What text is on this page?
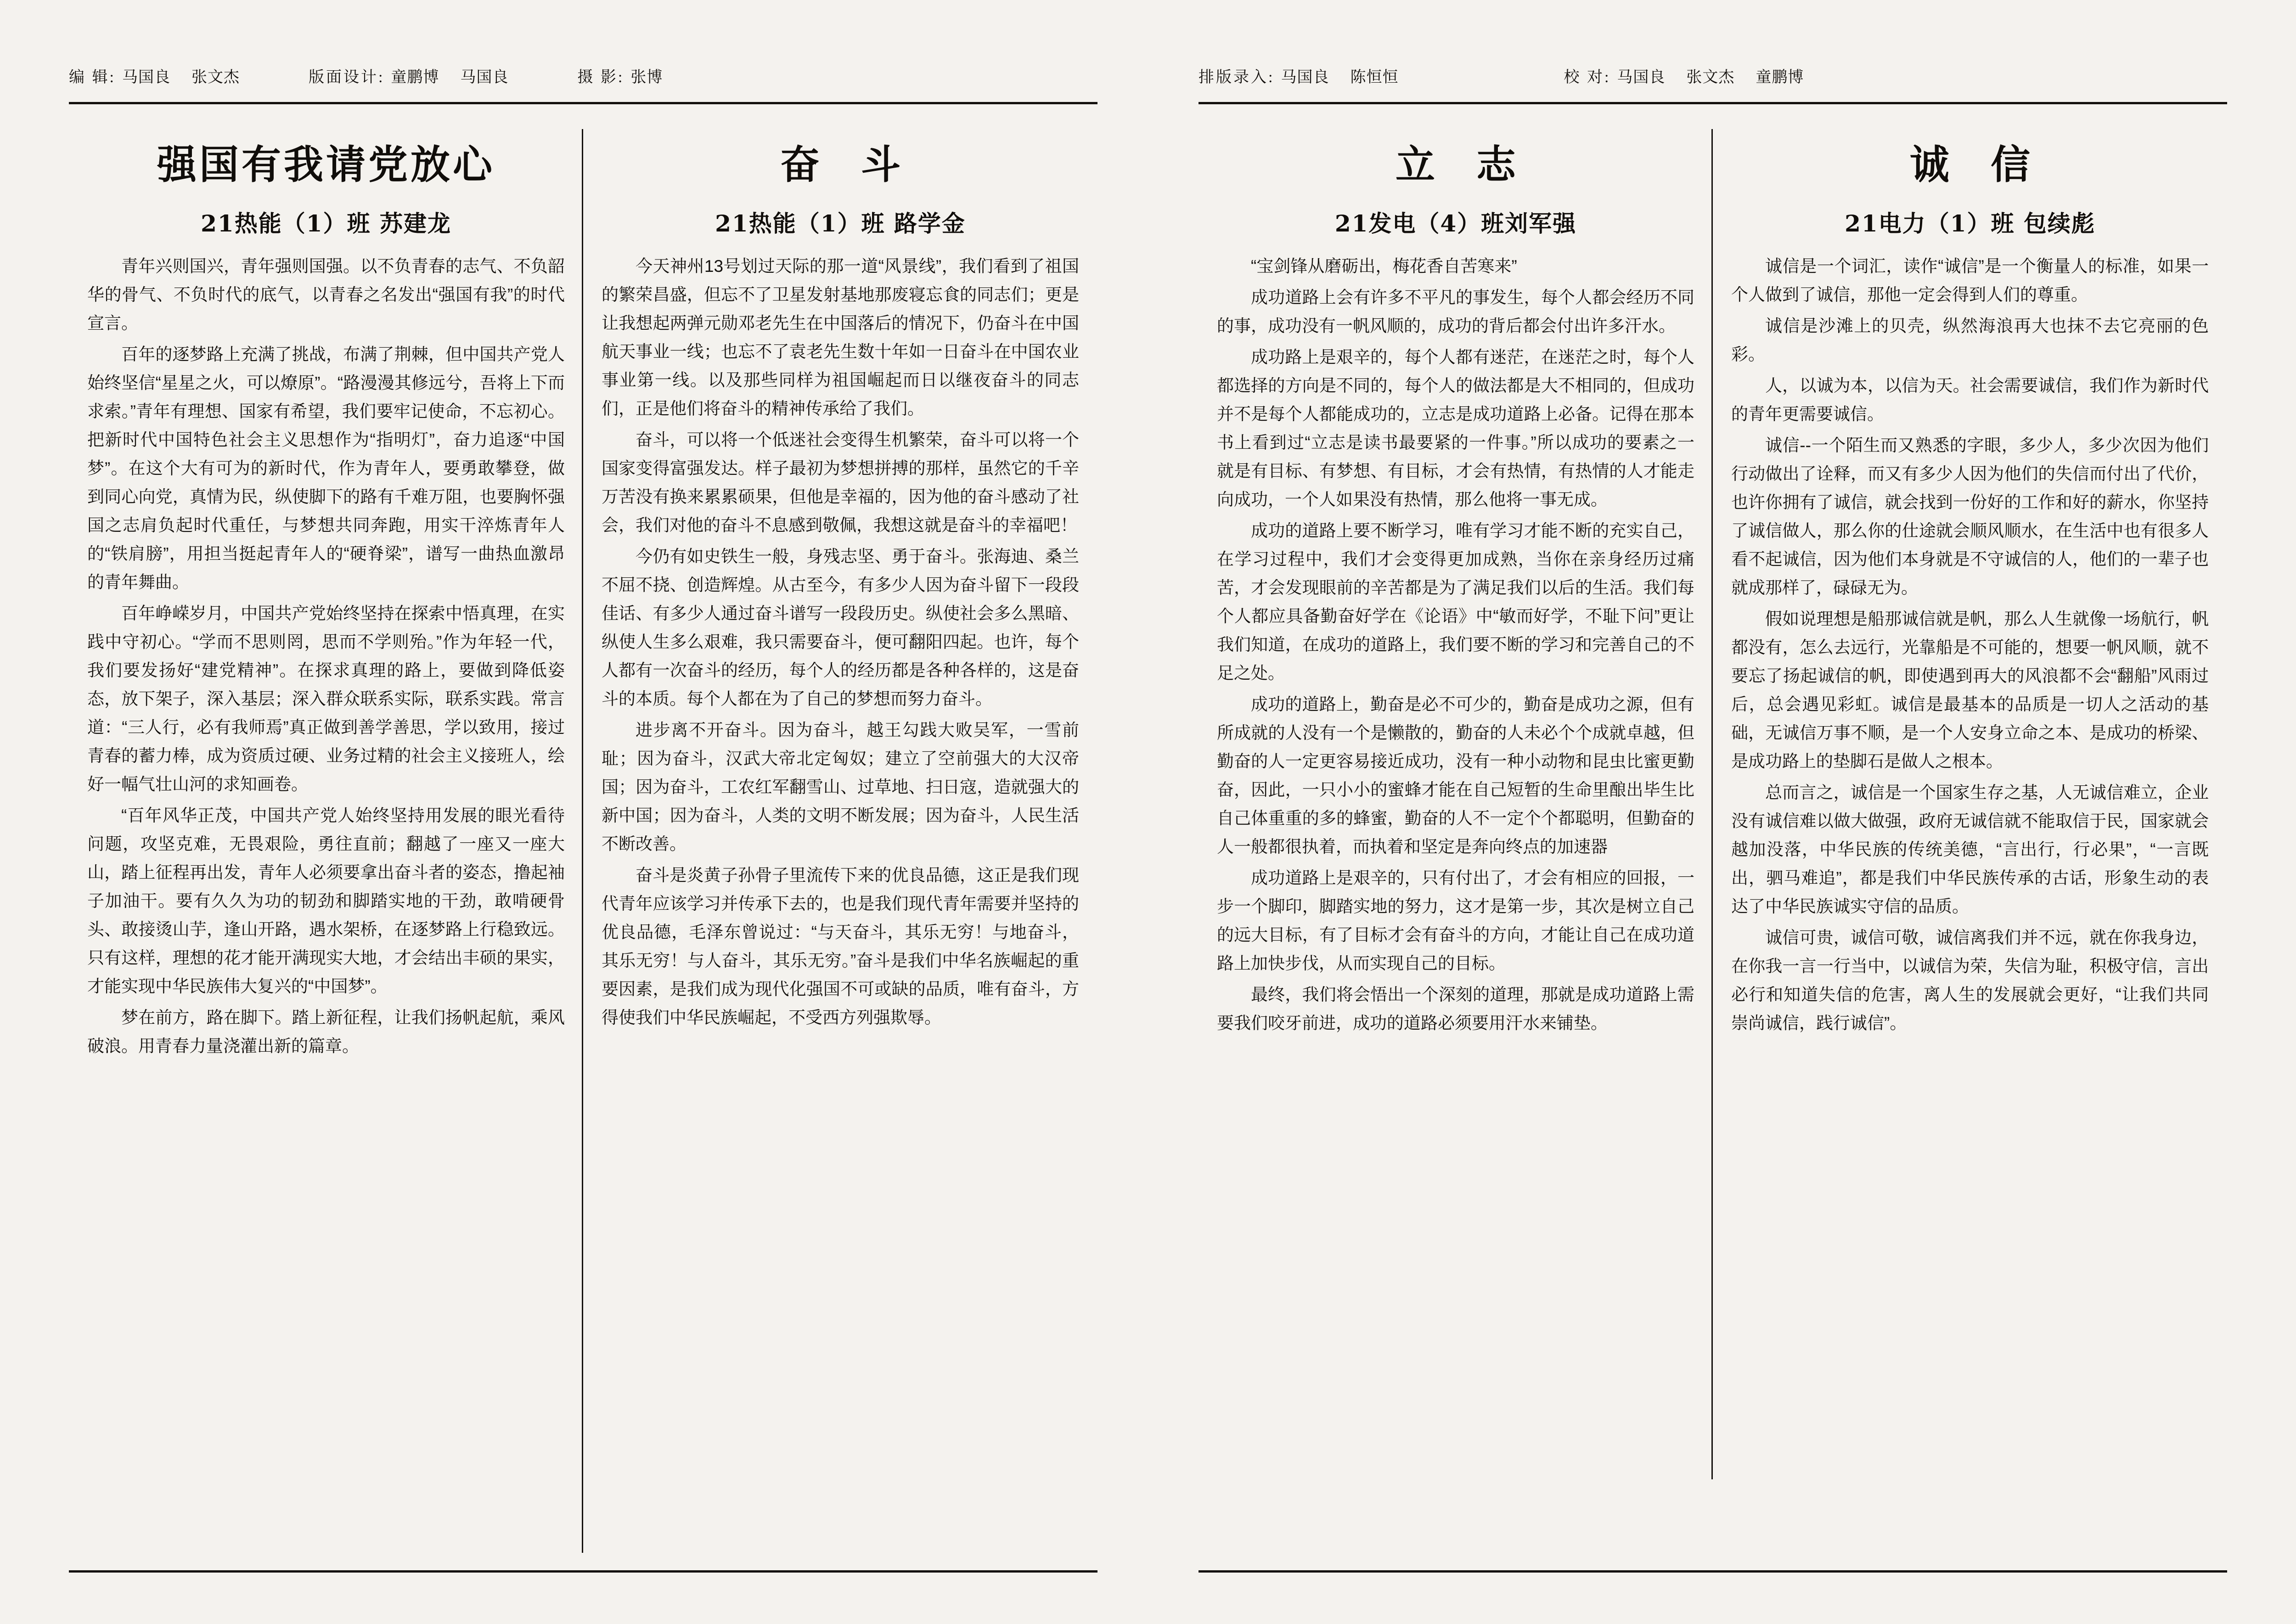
编 辑: 马国良 张文杰	版面设计: 童鹏博 马国良	摄 影: 张博
强国有我请党放心
21热能（1）班 苏建龙

青年兴则国兴，青年强则国强。以不负青春的志气、不负韶华的骨气、不负时代的底气，以青春之名发出“强国有我”的时代宣言。

百年的逐梦路上充满了挑战，布满了荆棘，但中国共产党人始终坚信“星星之火，可以燎原”。“路漫漫其修远兮，吾将上下而求索。”青年有理想、国家有希望，我们要牢记使命，不忘初心。把新时代中国特色社会主义思想作为“指明灯”，奋力追逐“中国梦”。在这个大有可为的新时代，作为青年人，要勇敢攀登，做到同心向党，真情为民，纵使脚下的路有千难万阻，也要胸怀强国之志肩负起时代重任，与梦想共同奔跑，用实干淬炼青年人的“铁肩膀”，用担当挺起青年人的“硬脊梁”，谱写一曲热血激昂的青年舞曲。

百年峥嵘岁月，中国共产党始终坚持在探索中悟真理，在实践中守初心。“学而不思则罔，思而不学则殆。”作为年轻一代，我们要发扬好“建党精神”。在探求真理的路上，要做到降低姿态，放下架子，深入基层；深入群众联系实际，联系实践。常言道：“三人行，必有我师焉”真正做到善学善思，学以致用，接过青春的蓄力棒，成为资质过硬、业务过精的社会主义接班人，绘好一幅气壮山河的求知画卷。

“百年风华正茂，中国共产党人始终坚持用发展的眼光看待问题，攻坚克难，无畏艰险，勇往直前；翻越了一座又一座大山，踏上征程再出发，青年人必须要拿出奋斗者的姿态，撸起袖子加油干。要有久久为功的韧劲和脚踏实地的干劲，敢啃硬骨头、敢接烫山芋，逢山开路，遇水架桥，在逐梦路上行稳致远。只有这样，理想的花才能开满现实大地，才会结出丰硕的果实，才能实现中华民族伟大复兴的“中国梦”。

梦在前方，路在脚下。踏上新征程，让我们扬帆起航，乘风破浪。用青春力量浇灌出新的篇章。

奋 斗
21热能（1）班 路学金

今天神州13号划过天际的那一道“风景线”，我们看到了祖国的繁荣昌盛，但忘不了卫星发射基地那废寝忘食的同志们；更是让我想起两弹元勋邓老先生在中国落后的情况下，仍奋斗在中国航天事业一线；也忘不了袁老先生数十年如一日奋斗在中国农业事业第一线。以及那些同样为祖国崛起而日以继夜奋斗的同志们，正是他们将奋斗的精神传承给了我们。

奋斗，可以将一个低迷社会变得生机繁荣，奋斗可以将一个国家变得富强发达。样子最初为梦想拼搏的那样，虽然它的千辛万苦没有换来累累硕果，但他是幸福的，因为他的奋斗感动了社会，我们对他的奋斗不息感到敬佩，我想这就是奋斗的幸福吧！

今仍有如史铁生一般，身残志坚、勇于奋斗。张海迪、桑兰不屈不挠、创造辉煌。从古至今，有多少人因为奋斗留下一段段佳话、有多少人通过奋斗谱写一段段历史。纵使社会多么黑暗、纵使人生多么艰难，我只需要奋斗，便可翻阳四起。也许，每个人都有一次奋斗的经历，每个人的经历都是各种各样的，这是奋斗的本质。每个人都在为了自己的梦想而努力奋斗。

进步离不开奋斗。因为奋斗，越王勾践大败吴军，一雪前耻；因为奋斗，汉武大帝北定匈奴；建立了空前强大的大汉帝国；因为奋斗，工农红军翻雪山、过草地、扫日寇，造就强大的新中国；因为奋斗，人类的文明不断发展；因为奋斗，人民生活不断改善。

奋斗是炎黄子孙骨子里流传下来的优良品德，这正是我们现代青年应该学习并传承下去的，也是我们现代青年需要并坚持的优良品德，毛泽东曾说过：“与天奋斗，其乐无穷！与地奋斗，其乐无穷！与人奋斗，其乐无穷。”奋斗是我们中华名族崛起的重要因素，是我们成为现代化强国不可或缺的品质，唯有奋斗，方得使我们中华民族崛起，不受西方列强欺辱。

排版录入: 马国良 陈恒恒	校 对: 马国良 张文杰 童鹏博
立 志
21发电（4）班刘军强

“宝剑锋从磨砺出，梅花香自苦寒来”

成功道路上会有许多不平凡的事发生，每个人都会经历不同的事，成功没有一帆风顺的，成功的背后都会付出许多汗水。

成功路上是艰辛的，每个人都有迷茫，在迷茫之时，每个人都选择的方向是不同的，每个人的做法都是大不相同的，但成功并不是每个人都能成功的，立志是成功道路上必备。记得在那本书上看到过“立志是读书最要紧的一件事。”所以成功的要素之一就是有目标、有梦想、有目标，才会有热情，有热情的人才能走向成功，一个人如果没有热情，那么他将一事无成。

成功的道路上要不断学习，唯有学习才能不断的充实自己，在学习过程中，我们才会变得更加成熟，当你在亲身经历过痛苦，才会发现眼前的辛苦都是为了满足我们以后的生活。我们每个人都应具备勤奋好学在《论语》中“敏而好学，不耻下问”更让我们知道，在成功的道路上，我们要不断的学习和完善自己的不足之处。

成功的道路上，勤奋是必不可少的，勤奋是成功之源，但有所成就的人没有一个是懒散的，勤奋的人未必个个成就卓越，但勤奋的人一定更容易接近成功，没有一种小动物和昆虫比蜜更勤奋，因此，一只小小的蜜蜂才能在自己短暂的生命里酿出毕生比自己体重重的多的蜂蜜，勤奋的人不一定个个都聪明，但勤奋的人一般都很执着，而执着和坚定是奔向终点的加速器

成功道路上是艰辛的，只有付出了，才会有相应的回报，一步一个脚印，脚踏实地的努力，这才是第一步，其次是树立自己的远大目标，有了目标才会有奋斗的方向，才能让自己在成功道路上加快步伐，从而实现自己的目标。

最终，我们将会悟出一个深刻的道理，那就是成功道路上需要我们咬牙前进，成功的道路必须要用汗水来铺垫。

诚 信
21电力（1）班 包续彪

诚信是一个词汇，读作“诚信”是一个衡量人的标准，如果一个人做到了诚信，那他一定会得到人们的尊重。

诚信是沙滩上的贝壳，纵然海浪再大也抹不去它亮丽的色彩。

人，以诚为本，以信为天。社会需要诚信，我们作为新时代的青年更需要诚信。

诚信--一个陌生而又熟悉的字眼，多少人，多少次因为他们行动做出了诠释，而又有多少人因为他们的失信而付出了代价，也许你拥有了诚信，就会找到一份好的工作和好的薪水，你坚持了诚信做人，那么你的仕途就会顺风顺水，在生活中也有很多人看不起诚信，因为他们本身就是不守诚信的人，他们的一辈子也就成那样了，碌碌无为。

假如说理想是船那诚信就是帆，那么人生就像一场航行，帆都没有，怎么去远行，光靠船是不可能的，想要一帆风顺，就不要忘了扬起诚信的帆，即使遇到再大的风浪都不会“翻船”风雨过后，总会遇见彩虹。诚信是最基本的品质是一切人之活动的基础，无诚信万事不顺，是一个人安身立命之本、是成功的桥梁、是成功路上的垫脚石是做人之根本。

总而言之，诚信是一个国家生存之基，人无诚信难立，企业没有诚信难以做大做强，政府无诚信就不能取信于民，国家就会越加没落，中华民族的传统美德，“言出行，行必果”，“一言既出，驷马难追”，都是我们中华民族传承的古话，形象生动的表达了中华民族诚实守信的品质。

诚信可贵，诚信可敬，诚信离我们并不远，就在你我身边，在你我一言一行当中，以诚信为荣，失信为耻，积极守信，言出必行和知道失信的危害，离人生的发展就会更好，“让我们共同崇尚诚信，践行诚信”。
